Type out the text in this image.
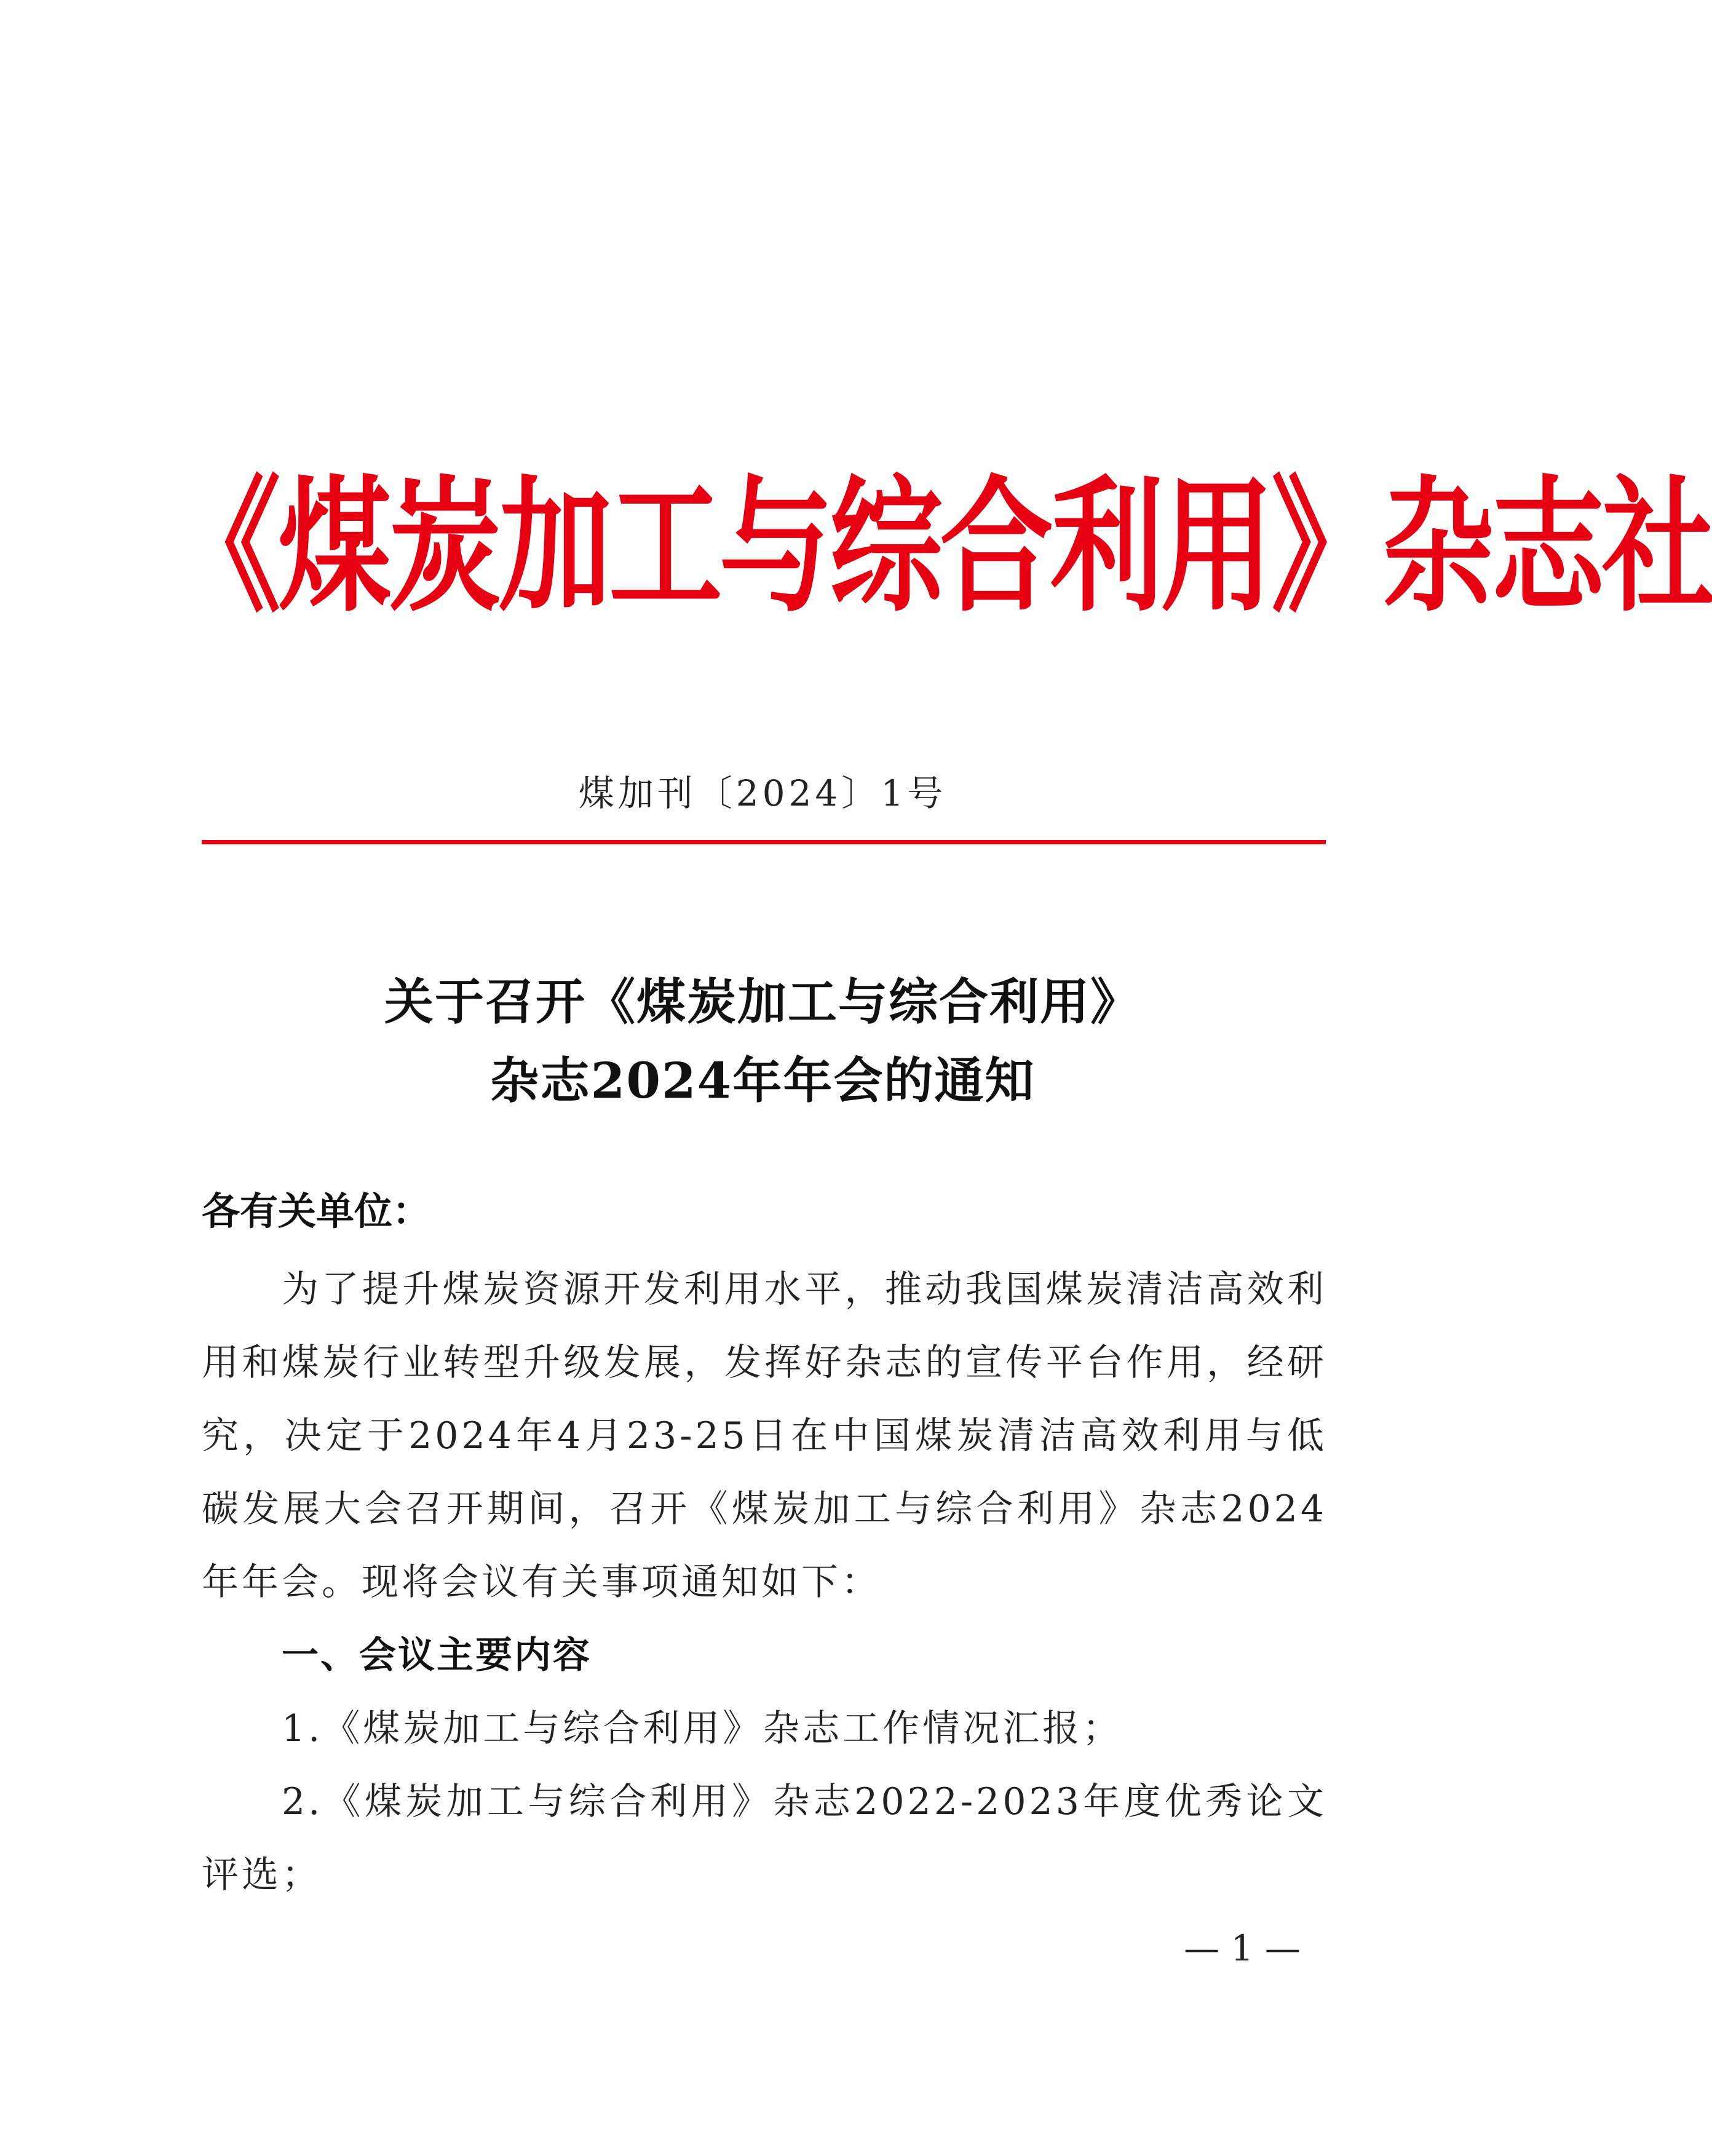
《煤炭加工与综合利用》杂志社
煤加刊〔2024〕1号
关于召开《煤炭加工与综合利用》
杂志2024年年会的通知
各有关单位：

为了提升煤炭资源开发利用水平，推动我国煤炭清洁高效利用和煤炭行业转型升级发展，发挥好杂志的宣传平台作用，经研究，决定于2024年4月23-25日在中国煤炭清洁高效利用与低碳发展大会召开期间，召开《煤炭加工与综合利用》杂志2024年年会。现将会议有关事项通知如下：

一、会议主要内容

1.《煤炭加工与综合利用》杂志工作情况汇报；

2.《煤炭加工与综合利用》杂志2022-2023年度优秀论文评选；

— 1 —
